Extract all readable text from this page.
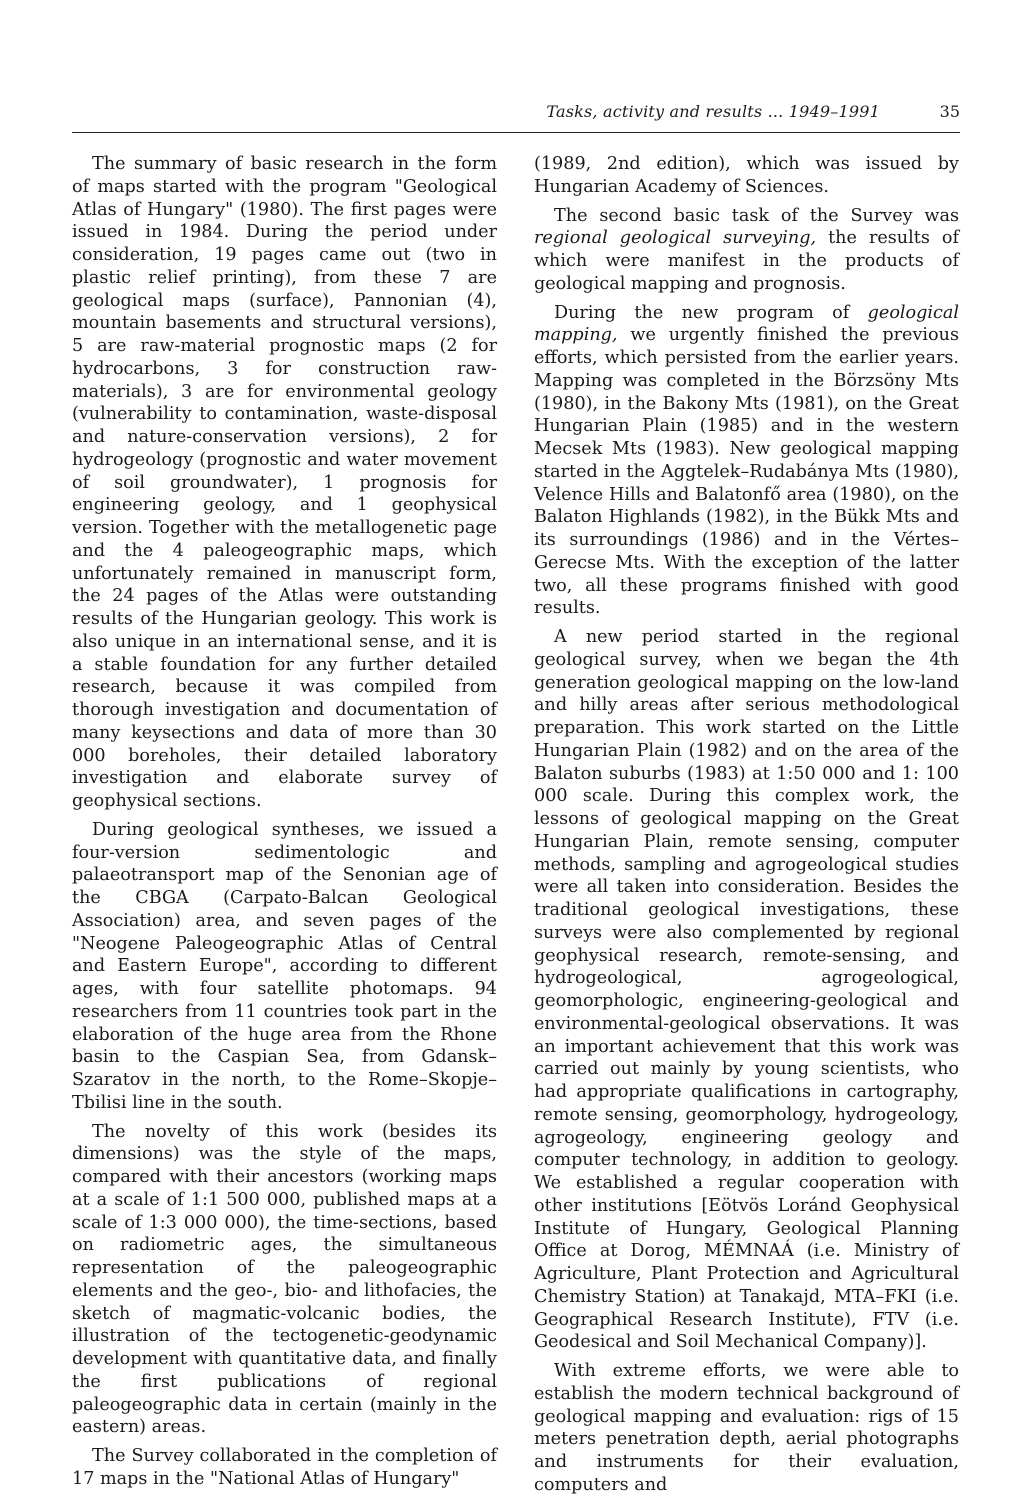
Tasks, activity and results ... 1949–1991	35

The summary of basic research in the form of maps started with the program "Geological Atlas of Hungary" (1980). The first pages were issued in 1984. During the period under consideration, 19 pages came out (two in plastic relief printing), from these 7 are geological maps (surface), Pannonian (4), mountain basements and structural versions), 5 are raw-material prognostic maps (2 for hydrocarbons, 3 for construction raw-materials), 3 are for environmental geology (vulnerability to contamination, waste-disposal and nature-conservation versions), 2 for hydrogeology (prognostic and water movement of soil groundwater), 1 prognosis for engineering geology, and 1 geophysical version. Together with the metallogenetic page and the 4 paleogeographic maps, which unfortunately remained in manuscript form, the 24 pages of the Atlas were outstanding results of the Hungarian geology. This work is also unique in an international sense, and it is a stable foundation for any further detailed research, because it was compiled from thorough investigation and documentation of many keysections and data of more than 30 000 boreholes, their detailed laboratory investigation and elaborate survey of geophysical sections.

During geological syntheses, we issued a four-version sedimentologic and palaeotransport map of the Senonian age of the CBGA (Carpato-Balcan Geological Association) area, and seven pages of the "Neogene Paleogeographic Atlas of Central and Eastern Europe", according to different ages, with four satellite photomaps. 94 researchers from 11 countries took part in the elaboration of the huge area from the Rhone basin to the Caspian Sea, from Gdansk–Szaratov in the north, to the Rome–Skopje–Tbilisi line in the south.

The novelty of this work (besides its dimensions) was the style of the maps, compared with their ancestors (working maps at a scale of 1:1 500 000, published maps at a scale of 1:3 000 000), the time-sections, based on radiometric ages, the simultaneous representation of the paleogeographic elements and the geo-, bio- and lithofacies, the sketch of magmatic-volcanic bodies, the illustration of the tectogenetic-geodynamic development with quantitative data, and finally the first publications of regional paleogeographic data in certain (mainly in the eastern) areas.

The Survey collaborated in the completion of 17 maps in the "National Atlas of Hungary"

(1989, 2nd edition), which was issued by Hungarian Academy of Sciences.

The second basic task of the Survey was regional geological surveying, the results of which were manifest in the products of geological mapping and prognosis.

During the new program of geological mapping, we urgently finished the previous efforts, which persisted from the earlier years. Mapping was completed in the Börzsöny Mts (1980), in the Bakony Mts (1981), on the Great Hungarian Plain (1985) and in the western Mecsek Mts (1983). New geological mapping started in the Aggtelek–Rudabánya Mts (1980), Velence Hills and Balatonfő area (1980), on the Balaton Highlands (1982), in the Bükk Mts and its surroundings (1986) and in the Vértes–Gerecse Mts. With the exception of the latter two, all these programs finished with good results.

A new period started in the regional geological survey, when we began the 4th generation geological mapping on the low-land and hilly areas after serious methodological preparation. This work started on the Little Hungarian Plain (1982) and on the area of the Balaton suburbs (1983) at 1:50 000 and 1: 100 000 scale. During this complex work, the lessons of geological mapping on the Great Hungarian Plain, remote sensing, computer methods, sampling and agrogeological studies were all taken into consideration. Besides the traditional geological investigations, these surveys were also complemented by regional geophysical research, remote-sensing, and hydrogeological, agrogeological, geomorphologic, engineering-geological and environmental-geological observations. It was an important achievement that this work was carried out mainly by young scientists, who had appropriate qualifications in cartography, remote sensing, geomorphology, hydrogeology, agrogeology, engineering geology and computer technology, in addition to geology. We established a regular cooperation with other institutions [Eötvös Loránd Geophysical Institute of Hungary, Geological Planning Office at Dorog, MÉMNAÁ (i.e. Ministry of Agriculture, Plant Protection and Agricultural Chemistry Station) at Tanakajd, MTA–FKI (i.e. Geographical Research Institute), FTV (i.e. Geodesical and Soil Mechanical Company)].

With extreme efforts, we were able to establish the modern technical background of geological mapping and evaluation: rigs of 15 meters penetration depth, aerial photographs and instruments for their evaluation, computers and
